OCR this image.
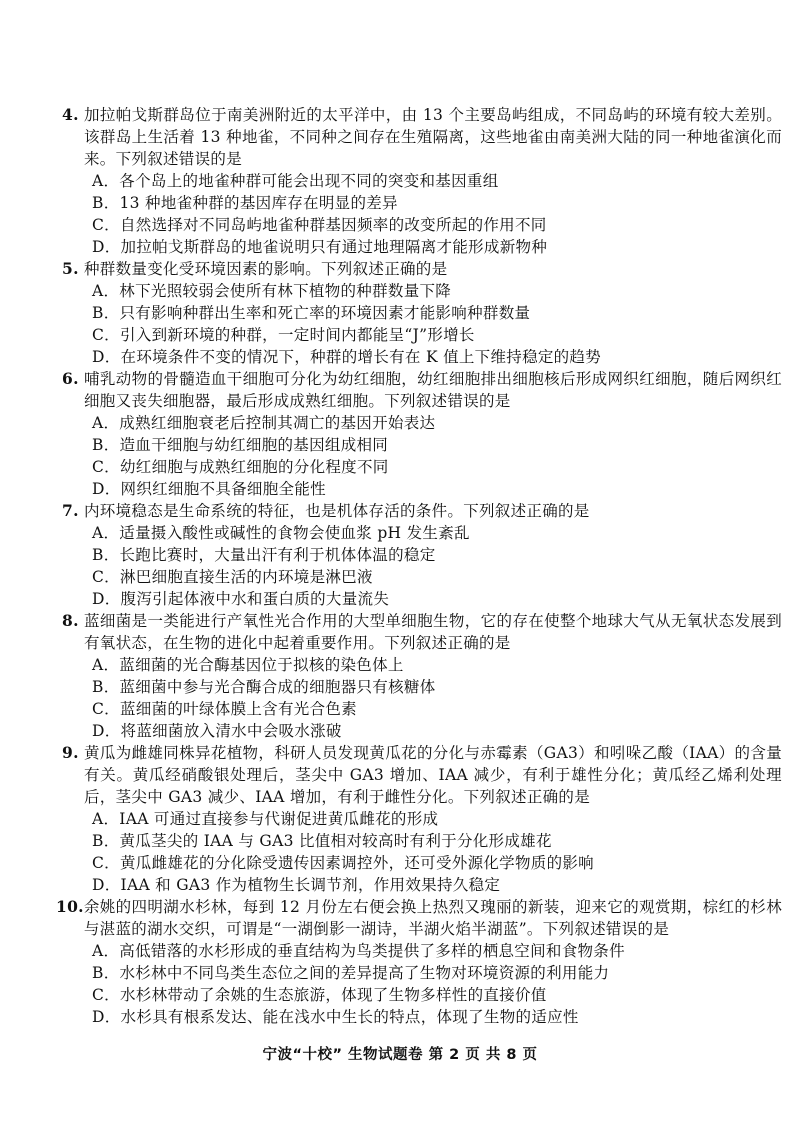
4. 加拉帕戈斯群岛位于南美洲附近的太平洋中，由 13 个主要岛屿组成，不同岛屿的环境有较大差别。该群岛上生活着 13 种地雀，不同种之间存在生殖隔离，这些地雀由南美洲大陆的同一种地雀演化而来。下列叙述错误的是
A． 各个岛上的地雀种群可能会出现不同的突变和基因重组
B． 13 种地雀种群的基因库存在明显的差异
C． 自然选择对不同岛屿地雀种群基因频率的改变所起的作用不同
D． 加拉帕戈斯群岛的地雀说明只有通过地理隔离才能形成新物种
5. 种群数量变化受环境因素的影响。下列叙述正确的是
A． 林下光照较弱会使所有林下植物的种群数量下降
B． 只有影响种群出生率和死亡率的环境因素才能影响种群数量
C． 引入到新环境的种群，一定时间内都能呈“J”形增长
D． 在环境条件不变的情况下，种群的增长有在 K 值上下维持稳定的趋势
6. 哺乳动物的骨髓造血干细胞可分化为幼红细胞，幼红细胞排出细胞核后形成网织红细胞，随后网织红细胞又丧失细胞器，最后形成成熟红细胞。下列叙述错误的是
A． 成熟红细胞衰老后控制其凋亡的基因开始表达
B． 造血干细胞与幼红细胞的基因组成相同
C． 幼红细胞与成熟红细胞的分化程度不同
D． 网织红细胞不具备细胞全能性
7. 内环境稳态是生命系统的特征，也是机体存活的条件。下列叙述正确的是
A． 适量摄入酸性或碱性的食物会使血浆 pH 发生紊乱
B． 长跑比赛时，大量出汗有利于机体体温的稳定
C． 淋巴细胞直接生活的内环境是淋巴液
D． 腹泻引起体液中水和蛋白质的大量流失
8. 蓝细菌是一类能进行产氧性光合作用的大型单细胞生物，它的存在使整个地球大气从无氧状态发展到有氧状态，在生物的进化中起着重要作用。下列叙述正确的是
A． 蓝细菌的光合酶基因位于拟核的染色体上
B． 蓝细菌中参与光合酶合成的细胞器只有核糖体
C． 蓝细菌的叶绿体膜上含有光合色素
D． 将蓝细菌放入清水中会吸水涨破
9. 黄瓜为雌雄同株异花植物，科研人员发现黄瓜花的分化与赤霉素（GA3）和吲哚乙酸（IAA）的含量有关。黄瓜经硝酸银处理后，茎尖中 GA3 增加、IAA 减少，有利于雄性分化；黄瓜经乙烯利处理后，茎尖中 GA3 减少、IAA 增加，有利于雌性分化。下列叙述正确的是
A． IAA 可通过直接参与代谢促进黄瓜雌花的形成
B． 黄瓜茎尖的 IAA 与 GA3 比值相对较高时有利于分化形成雄花
C． 黄瓜雌雄花的分化除受遗传因素调控外，还可受外源化学物质的影响
D． IAA 和 GA3 作为植物生长调节剂，作用效果持久稳定
10. 余姚的四明湖水杉林，每到 12 月份左右便会换上热烈又瑰丽的新装，迎来它的观赏期，棕红的杉林与湛蓝的湖水交织，可谓是“一湖倒影一湖诗，半湖火焰半湖蓝”。下列叙述错误的是
A． 高低错落的水杉形成的垂直结构为鸟类提供了多样的栖息空间和食物条件
B． 水杉林中不同鸟类生态位之间的差异提高了生物对环境资源的利用能力
C． 水杉林带动了余姚的生态旅游，体现了生物多样性的直接价值
D． 水杉具有根系发达、能在浅水中生长的特点，体现了生物的适应性
宁波“十校” 生物试题卷 第 2 页 共 8 页
